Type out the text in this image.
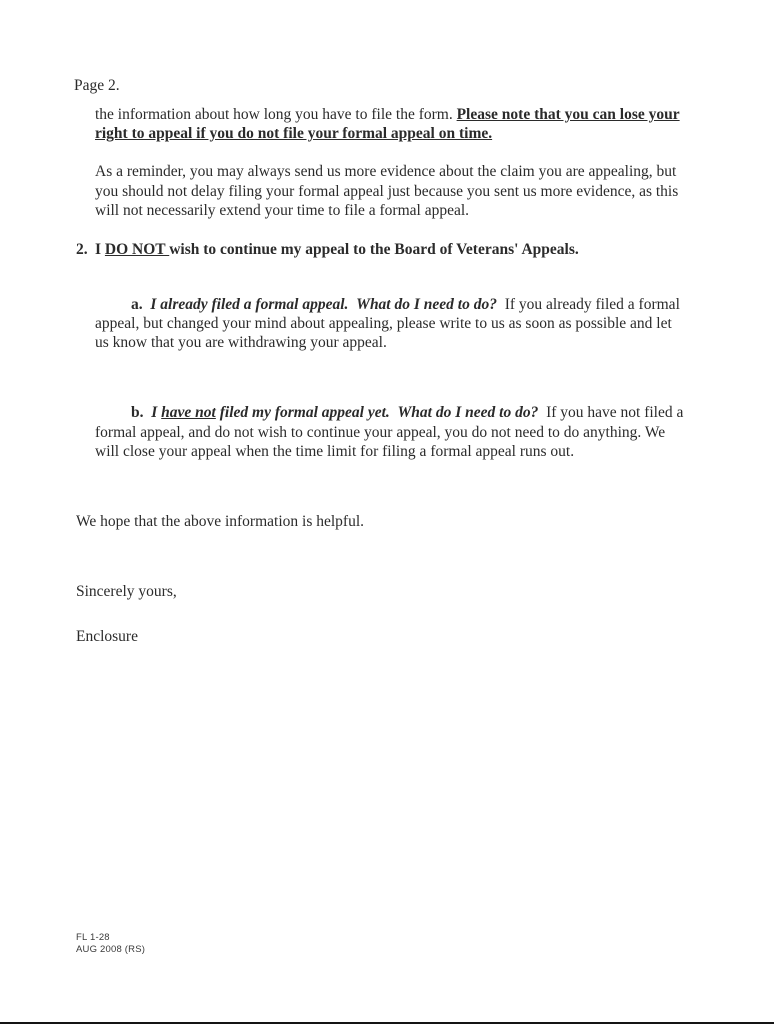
Page 2.

the information about how long you have to file the form. Please note that you can lose your right to appeal if you do not file your formal appeal on time.

As a reminder, you may always send us more evidence about the claim you are appealing, but you should not delay filing your formal appeal just because you sent us more evidence, as this will not necessarily extend your time to file a formal appeal.

2. I DO NOT wish to continue my appeal to the Board of Veterans' Appeals.

a. I already filed a formal appeal. What do I need to do? If you already filed a formal appeal, but changed your mind about appealing, please write to us as soon as possible and let us know that you are withdrawing your appeal.

b. I have not filed my formal appeal yet. What do I need to do? If you have not filed a formal appeal, and do not wish to continue your appeal, you do not need to do anything. We will close your appeal when the time limit for filing a formal appeal runs out.

We hope that the above information is helpful.

Sincerely yours,

Enclosure
FL 1-28
AUG 2008 (RS)
